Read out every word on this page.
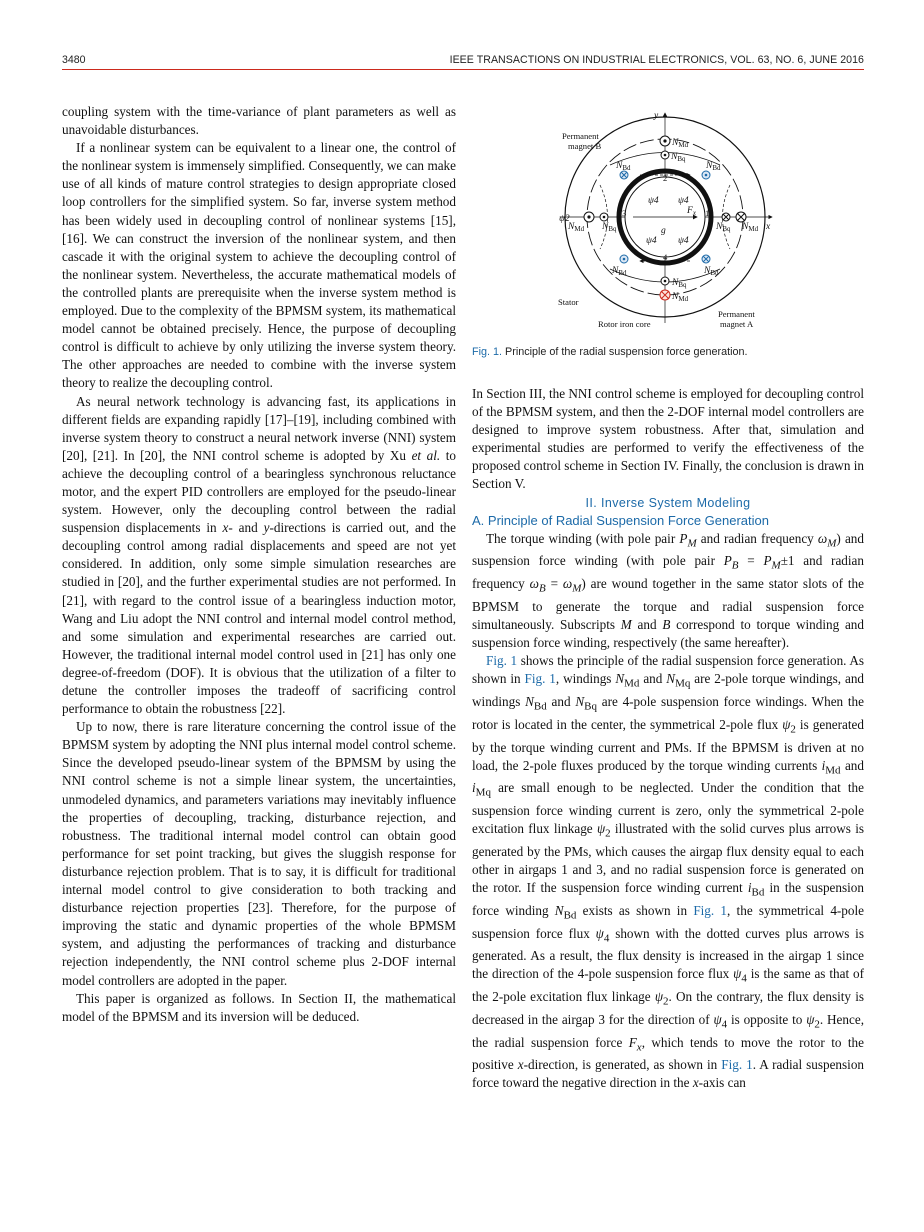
3480	IEEE TRANSACTIONS ON INDUSTRIAL ELECTRONICS, VOL. 63, NO. 6, JUNE 2016

coupling system with the time-variance of plant parameters as well as unavoidable disturbances.

If a nonlinear system can be equivalent to a linear one, the control of the nonlinear system is immensely simplified. Consequently, we can make use of all kinds of mature control strategies to design appropriate closed loop controllers for the simplified system. So far, inverse system method has been widely used in decoupling control of nonlinear systems [15], [16]. We can construct the inversion of the nonlinear system, and then cascade it with the original system to achieve the decoupling control of the nonlinear system. Nevertheless, the accurate mathematical models of the controlled plants are prerequisite when the inverse system method is employed. Due to the complexity of the BPMSM system, its mathematical model cannot be obtained precisely. Hence, the purpose of decoupling control is difficult to achieve by only utilizing the inverse system theory. The other approaches are needed to combine with the inverse system theory to realize the decoupling control.

As neural network technology is advancing fast, its applications in different fields are expanding rapidly [17]–[19], including combined with inverse system theory to construct a neural network inverse (NNI) system [20], [21]. In [20], the NNI control scheme is adopted by Xu et al. to achieve the decoupling control of a bearingless synchronous reluctance motor, and the expert PID controllers are employed for the pseudo-linear system. However, only the decoupling control between the radial suspension displacements in x- and y-directions is carried out, and the decoupling control among radial displacements and speed are not yet considered. In addition, only some simple simulation researches are studied in [20], and the further experimental studies are not performed. In [21], with regard to the control issue of a bearingless induction motor, Wang and Liu adopt the NNI control and internal model control method, and some simulation and experimental researches are carried out. However, the traditional internal model control used in [21] has only one degree-of-freedom (DOF). It is obvious that the utilization of a filter to detune the controller imposes the tradeoff of sacrificing control performance to obtain the robustness [22].

Up to now, there is rare literature concerning the control issue of the BPMSM system by adopting the NNI plus internal model control scheme. Since the developed pseudo-linear system of the BPMSM by using the NNI control scheme is not a simple linear system, the uncertainties, unmodeled dynamics, and parameters variations may inevitably influence the properties of decoupling, tracking, disturbance rejection, and robustness. The traditional internal model control can obtain good performance for set point tracking, but gives the sluggish response for disturbance rejection problem. That is to say, it is difficult for traditional internal model control to give consideration to both tracking and disturbance rejection properties [23]. Therefore, for the purpose of improving the static and dynamic properties of the whole BPMSM system, and adjusting the performances of tracking and disturbance rejection independently, the NNI control scheme plus 2-DOF internal model controllers are adopted in the paper.

This paper is organized as follows. In Section II, the mathematical model of the BPMSM and its inversion will be deduced.

y
x
Permanent
magnet B
Permanent
magnet A
Stator
Rotor iron core
ψ2
ψ4 ψ4
ψ4 ψ4
$N_{Md}$
$N_{Bq}$
$N_{Bd}$	$N_{Bd}$
$N_{Md}$ $N_{Bq}$	$N_{Bq}$ $N_{Md}$
$N_{Bd}$	$N_{Bd}$
$N_{Bq}$
$N_{Md}$
$F_x$
g
1
2
3
4
Fig. 1. Principle of the radial suspension force generation.

In Section III, the NNI control scheme is employed for decoupling control of the BPMSM system, and then the 2-DOF internal model controllers are designed to improve system robustness. After that, simulation and experimental studies are performed to verify the effectiveness of the proposed control scheme in Section IV. Finally, the conclusion is drawn in Section V.

II. Inverse System Modeling

A. Principle of Radial Suspension Force Generation

The torque winding (with pole pair $P_M$ and radian frequency $\omega_M$) and suspension force winding (with pole pair $P_B = P_M\pm 1$ and radian frequency $\omega_B = \omega_M$) are wound together in the same stator slots of the BPMSM to generate the torque and radial suspension force simultaneously. Subscripts M and B correspond to torque winding and suspension force winding, respectively (the same hereafter).

Fig. 1 shows the principle of the radial suspension force generation. As shown in Fig. 1, windings $N_{Md}$ and $N_{Mq}$ are 2-pole torque windings, and windings $N_{Bd}$ and $N_{Bq}$ are 4-pole suspension force windings. When the rotor is located in the center, the symmetrical 2-pole flux $\psi_2$ is generated by the torque winding current and PMs. If the BPMSM is driven at no load, the 2-pole fluxes produced by the torque winding currents $i_{Md}$ and $i_{Mq}$ are small enough to be neglected. Under the condition that the suspension force winding current is zero, only the symmetrical 2-pole excitation flux linkage $\psi_2$ illustrated with the solid curves plus arrows is generated by the PMs, which causes the airgap flux density equal to each other in airgaps 1 and 3, and no radial suspension force is generated on the rotor. If the suspension force winding current $i_{Bd}$ in the suspension force winding $N_{Bd}$ exists as shown in Fig. 1, the symmetrical 4-pole suspension force flux $\psi_4$ shown with the dotted curves plus arrows is generated. As a result, the flux density is increased in the airgap 1 since the direction of the 4-pole suspension force flux $\psi_4$ is the same as that of the 2-pole excitation flux linkage $\psi_2$. On the contrary, the flux density is decreased in the airgap 3 for the direction of $\psi_4$ is opposite to $\psi_2$. Hence, the radial suspension force $F_x$, which tends to move the rotor to the positive x-direction, is generated, as shown in Fig. 1. A radial suspension force toward the negative direction in the x-axis can
